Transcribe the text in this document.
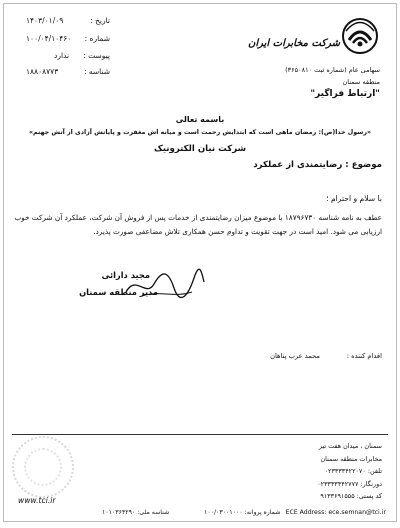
تاریخ :
۱۴۰۳/۰۱/۰۹
شماره :
۱۰۰/۰۴/۱۰۴۶۰
پیوست :
ندارد
شناسه :
۱۸۸۰۸۷۷۳
شرکت مخابرات ایران
سهامی عام (شماره ثبت ۳۶۵۰۸۱۰)
منطقه سمنان
"ارتباط فراگیر"
باسمه تعالی
«رسول خدا(ص): رمضان ماهی است که ابتدایش رحمت است و میانه اش مغفرت و پایانش آزادی از آتش جهنم»
شرکت نیان الکترونیک
موضوع : رضایتمندی از عملکرد
با سلام و احترام ؛
عطف به نامه شناسه ۱۸۷۹۶۷۳۰ با موضوع میزان رضایتمندی از خدمات پس از فروش آن شرکت، عملکرد آن شرکت خوب
ارزیابی می شود. امید است در جهت تقویت و تداوم حسن همکاری تلاش مضاعفی صورت پذیرد.
مجید دارائی
مدیر منطقه سمنان
اقدام کننده :
محمد عرب پناهان
سمنان ، میدان هفت تیر
مخابرات منطقه سمنان
تلفن: ۰۲۳۳۳۳۴۲۲۰۷۰
دورنگار: ۰۲۳۳۳۳۴۴۲۷۷۷
کد پستی: ۹۱۳۳۶۹۱۵۵۵
www.tci.ir
شناسه ملی: ۱۰۱۰۳۶۴۲۹۰	شماره پروانه: ۱۰۰/۰۳۰۰۱۰۰۰ ECE Address: ece.semnan@tci.ir
